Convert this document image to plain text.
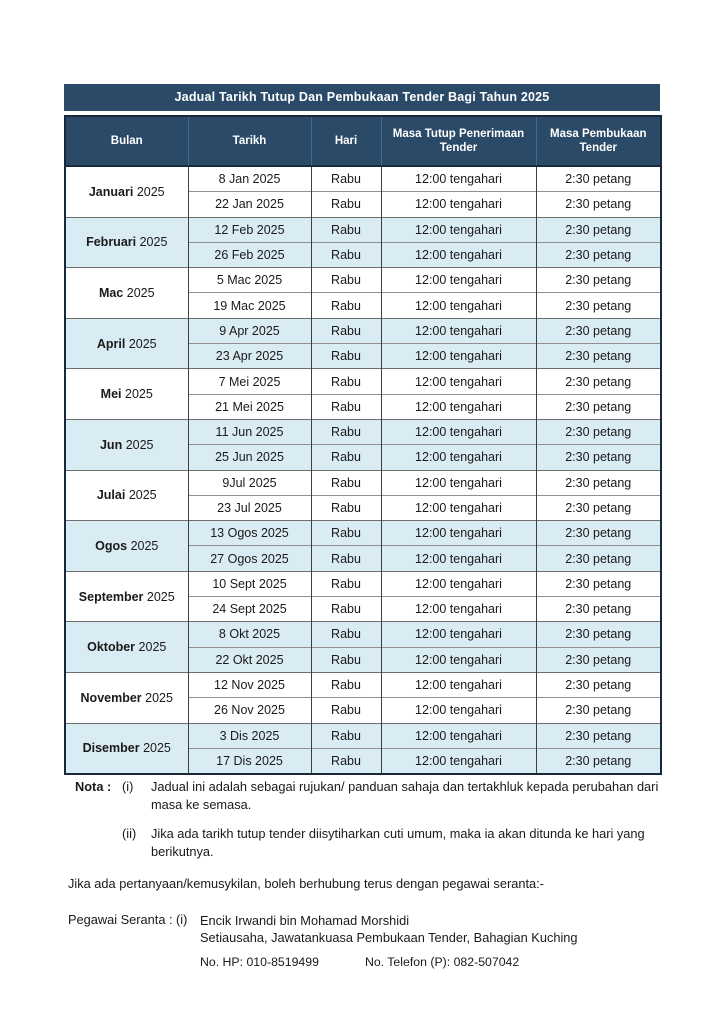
Jadual Tarikh Tutup Dan Pembukaan Tender Bagi Tahun 2025
Bulan	Tarikh	Hari	Masa Tutup Penerimaan Tender	Masa Pembukaan Tender
Januari 2025	8 Jan 2025	Rabu	12:00 tengahari	2:30 petang
	22 Jan 2025	Rabu	12:00 tengahari	2:30 petang
Februari 2025	12 Feb 2025	Rabu	12:00 tengahari	2:30 petang
	26 Feb 2025	Rabu	12:00 tengahari	2:30 petang
Mac 2025	5 Mac 2025	Rabu	12:00 tengahari	2:30 petang
	19 Mac 2025	Rabu	12:00 tengahari	2:30 petang
April 2025	9 Apr 2025	Rabu	12:00 tengahari	2:30 petang
	23 Apr 2025	Rabu	12:00 tengahari	2:30 petang
Mei 2025	7 Mei 2025	Rabu	12:00 tengahari	2:30 petang
	21 Mei 2025	Rabu	12:00 tengahari	2:30 petang
Jun 2025	11 Jun 2025	Rabu	12:00 tengahari	2:30 petang
	25 Jun 2025	Rabu	12:00 tengahari	2:30 petang
Julai 2025	9Jul 2025	Rabu	12:00 tengahari	2:30 petang
	23 Jul 2025	Rabu	12:00 tengahari	2:30 petang
Ogos 2025	13 Ogos 2025	Rabu	12:00 tengahari	2:30 petang
	27 Ogos 2025	Rabu	12:00 tengahari	2:30 petang
September 2025	10 Sept 2025	Rabu	12:00 tengahari	2:30 petang
	24 Sept 2025	Rabu	12:00 tengahari	2:30 petang
Oktober 2025	8 Okt 2025	Rabu	12:00 tengahari	2:30 petang
	22 Okt 2025	Rabu	12:00 tengahari	2:30 petang
November 2025	12 Nov 2025	Rabu	12:00 tengahari	2:30 petang
	26 Nov 2025	Rabu	12:00 tengahari	2:30 petang
Disember 2025	3 Dis 2025	Rabu	12:00 tengahari	2:30 petang
	17 Dis 2025	Rabu	12:00 tengahari	2:30 petang
Nota : (i)	Jadual ini adalah sebagai rujukan/ panduan sahaja dan tertakhluk kepada perubahan dari masa ke semasa.
(ii)	Jika ada tarikh tutup tender diisytiharkan cuti umum, maka ia akan ditunda ke hari yang berikutnya.
Jika ada pertanyaan/kemusykilan, boleh berhubung terus dengan pegawai seranta:-
Pegawai Seranta : (i) Encik Irwandi bin Mohamad Morshidi
Setiausaha, Jawatankuasa Pembukaan Tender, Bahagian Kuching
No. HP: 010-8519499	No. Telefon (P): 082-507042
